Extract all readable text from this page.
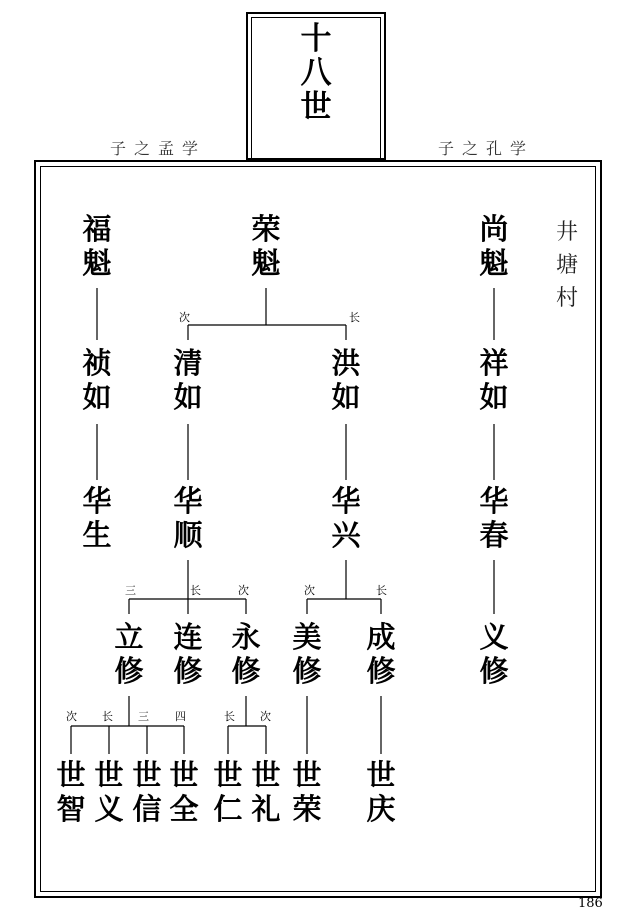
十
八
世
子之孟学	子之孔学
次	长
三	长	次	次	长
次 长 三 四	长 次
福
魁
荣
魁
尚
魁
祯
如
清
如
洪
如
祥
如
华
生
华
顺
华
兴
华
春
立
修
连
修
永
修
美
修
成
修
义
修
世
智
世
义
世
信
世
全
世
仁
世
礼
世
荣
世
庆
井
塘
村
186
